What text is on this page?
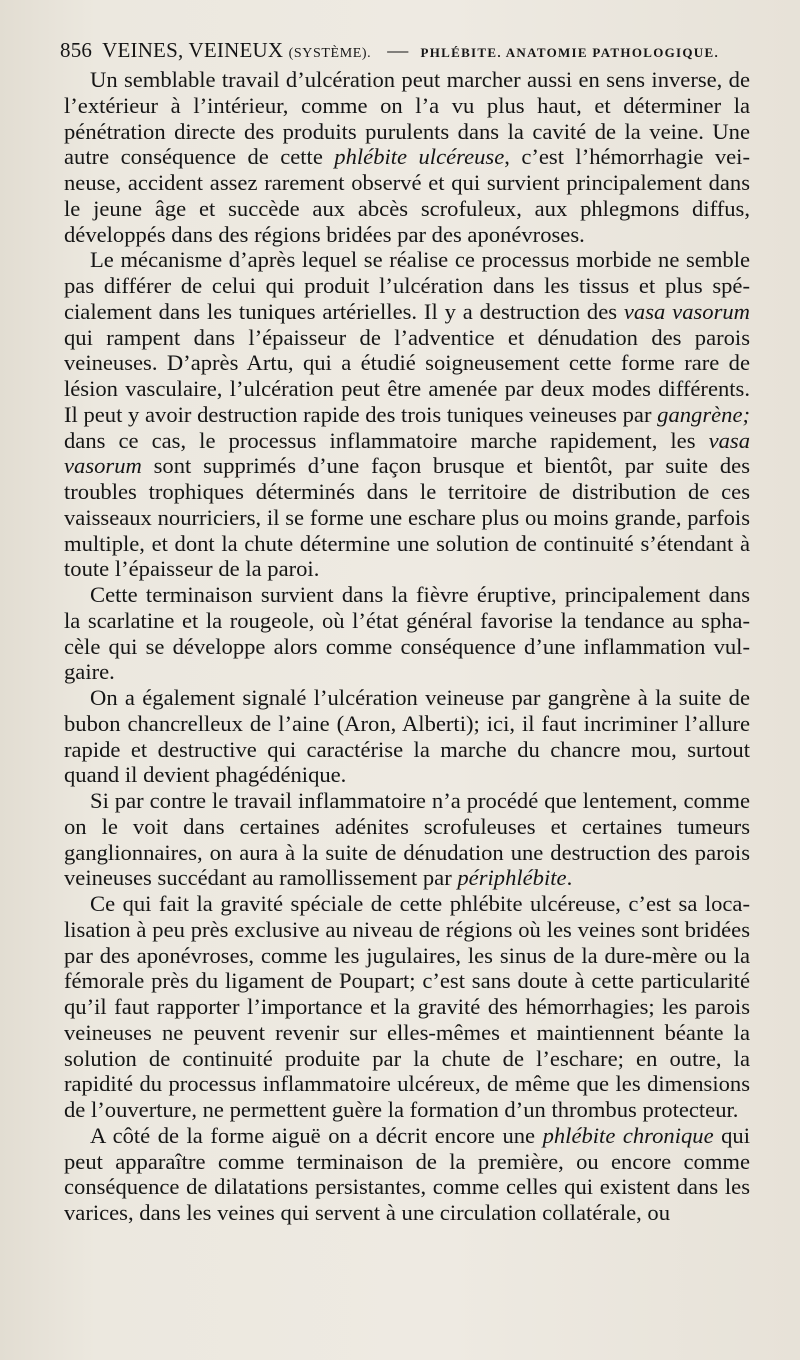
856 VEINES, VEINEUX
(SYSTÈME). — PHLÉBITE. ANATOMIE PATHOLOGIQUE.

Un semblable travail d’ulcération peut marcher aussi en sens inverse, de l’extérieur à l’intérieur, comme on l’a vu plus haut, et déterminer la pénétration directe des produits purulents dans la cavité de la veine. Une autre conséquence de cette phlébite ulcéreuse, c’est l’hémorrhagie veineuse, accident assez rarement observé et qui survient principalement dans le jeune âge et succède aux abcès scrofuleux, aux phlegmons diffus, développés dans des régions bridées par des aponévroses.

Le mécanisme d’après lequel se réalise ce processus morbide ne semble pas différer de celui qui produit l’ulcération dans les tissus et plus spécialement dans les tuniques artérielles. Il y a destruction des vasa vasorum qui rampent dans l’épaisseur de l’adventice et dénudation des parois veineuses. D’après Artu, qui a étudié soigneusement cette forme rare de lésion vasculaire, l’ulcération peut être amenée par deux modes différents. Il peut y avoir destruction rapide des trois tuniques veineuses par gangrène; dans ce cas, le processus inflammatoire marche rapidement, les vasa vasorum sont supprimés d’une façon brusque et bientôt, par suite des troubles trophiques déterminés dans le territoire de distribution de ces vaisseaux nourriciers, il se forme une eschare plus ou moins grande, parfois multiple, et dont la chute détermine une solution de continuité s’étendant à toute l’épaisseur de la paroi.

Cette terminaison survient dans la fièvre éruptive, principalement dans la scarlatine et la rougeole, où l’état général favorise la tendance au sphacèle qui se développe alors comme conséquence d’une inflammation vulgaire.

On a également signalé l’ulcération veineuse par gangrène à la suite de bubon chancrelleux de l’aine (Aron, Alberti); ici, il faut incriminer l’allure rapide et destructive qui caractérise la marche du chancre mou, surtout quand il devient phagédénique.

Si par contre le travail inflammatoire n’a procédé que lentement, comme on le voit dans certaines adénites scrofuleuses et certaines tumeurs ganglionnaires, on aura à la suite de dénudation une destruction des parois veineuses succédant au ramollissement par périphlébite.

Ce qui fait la gravité spéciale de cette phlébite ulcéreuse, c’est sa localisation à peu près exclusive au niveau de régions où les veines sont bridées par des aponévroses, comme les jugulaires, les sinus de la dure-mère ou la fémorale près du ligament de Poupart; c’est sans doute à cette particularité qu’il faut rapporter l’importance et la gravité des hémorrhagies; les parois veineuses ne peuvent revenir sur elles-mêmes et maintiennent béante la solution de continuité produite par la chute de l’eschare; en outre, la rapidité du processus inflammatoire ulcéreux, de même que les dimensions de l’ouverture, ne permettent guère la formation d’un thrombus protecteur.

A côté de la forme aiguë on a décrit encore une phlébite chronique qui peut apparaître comme terminaison de la première, ou encore comme conséquence de dilatations persistantes, comme celles qui existent dans les varices, dans les veines qui servent à une circulation collatérale, ou
